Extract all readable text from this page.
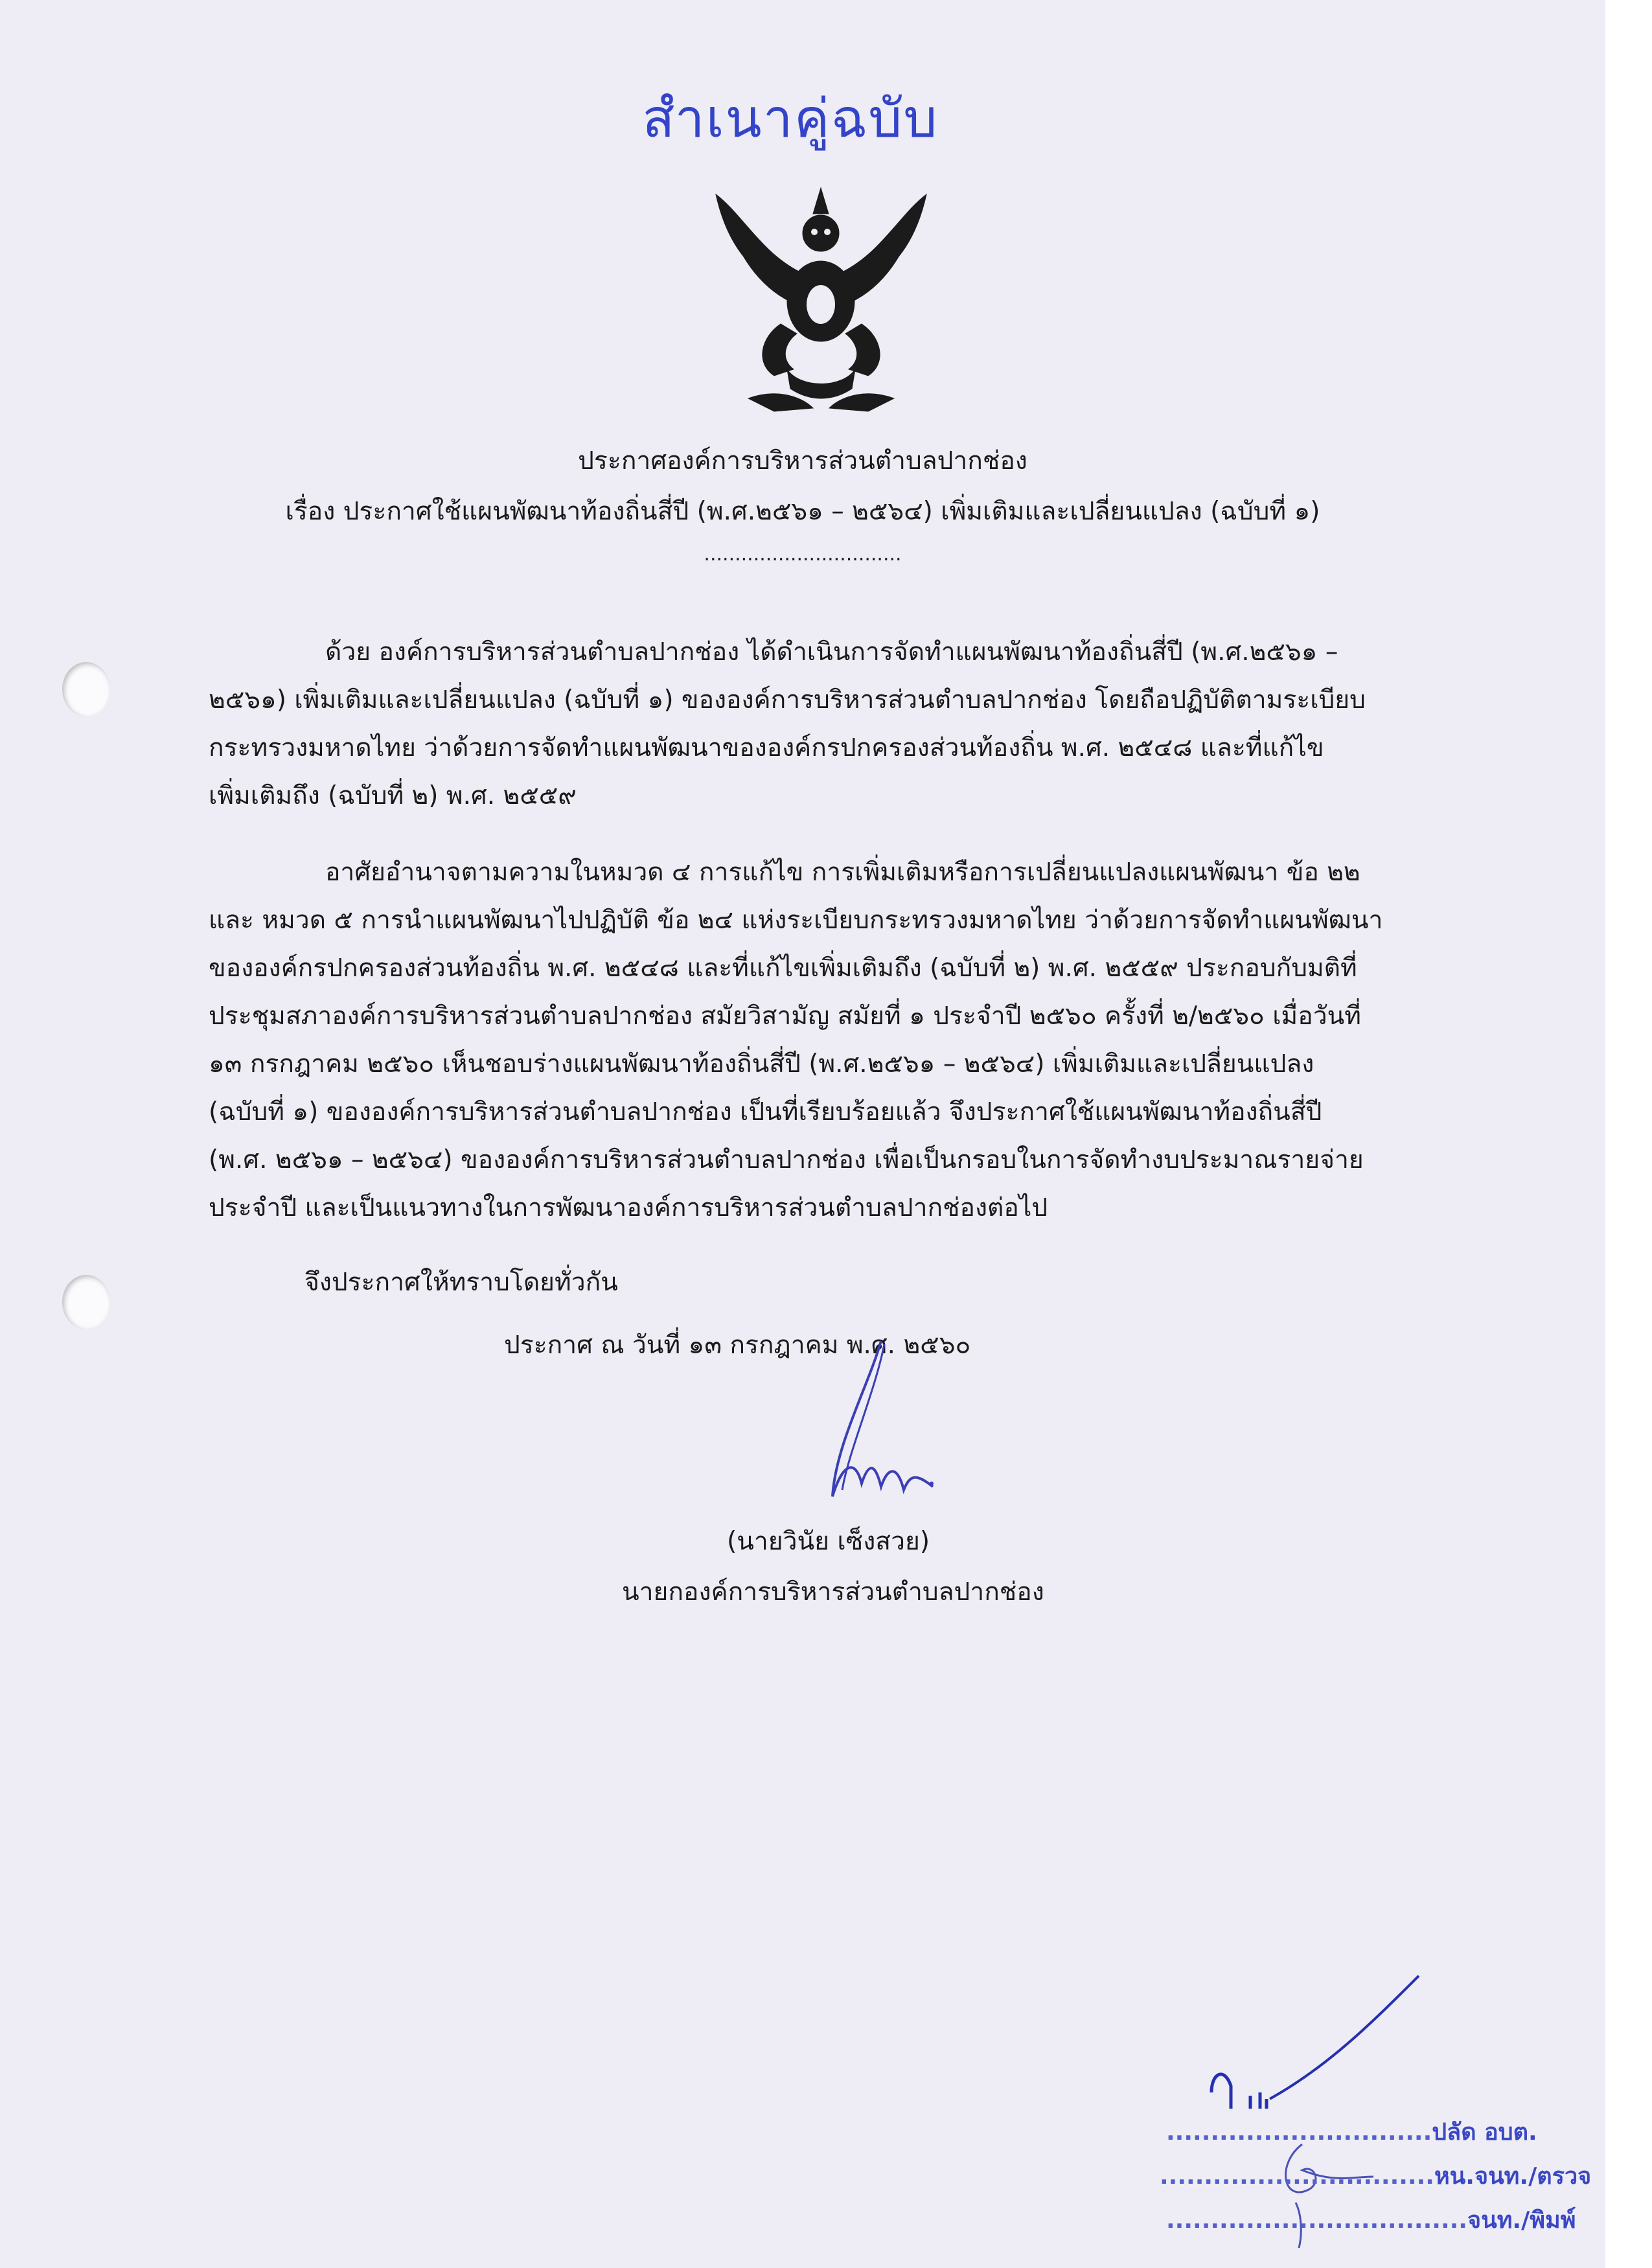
สำเนาคู่ฉบับ
ประกาศองค์การบริหารส่วนตำบลปากช่อง
เรื่อง ประกาศใช้แผนพัฒนาท้องถิ่นสี่ปี (พ.ศ.๒๕๖๑ – ๒๕๖๔) เพิ่มเติมและเปลี่ยนแปลง (ฉบับที่ ๑)
................................
ด้วย องค์การบริหารส่วนตำบลปากช่อง ได้ดำเนินการจัดทำแผนพัฒนาท้องถิ่นสี่ปี (พ.ศ.๒๕๖๑ –
๒๕๖๑) เพิ่มเติมและเปลี่ยนแปลง (ฉบับที่ ๑) ขององค์การบริหารส่วนตำบลปากช่อง โดยถือปฏิบัติตามระเบียบ
กระทรวงมหาดไทย ว่าด้วยการจัดทำแผนพัฒนาขององค์กรปกครองส่วนท้องถิ่น พ.ศ. ๒๕๔๘ และที่แก้ไข
เพิ่มเติมถึง (ฉบับที่ ๒) พ.ศ. ๒๕๕๙
อาศัยอำนาจตามความในหมวด ๔ การแก้ไข การเพิ่มเติมหรือการเปลี่ยนแปลงแผนพัฒนา ข้อ ๒๒
และ หมวด ๕ การนำแผนพัฒนาไปปฏิบัติ ข้อ ๒๔ แห่งระเบียบกระทรวงมหาดไทย ว่าด้วยการจัดทำแผนพัฒนา
ขององค์กรปกครองส่วนท้องถิ่น พ.ศ. ๒๕๔๘ และที่แก้ไขเพิ่มเติมถึง (ฉบับที่ ๒) พ.ศ. ๒๕๕๙ ประกอบกับมติที่
ประชุมสภาองค์การบริหารส่วนตำบลปากช่อง สมัยวิสามัญ สมัยที่ ๑ ประจำปี ๒๕๖๐ ครั้งที่ ๒/๒๕๖๐ เมื่อวันที่
๑๓ กรกฎาคม ๒๕๖๐ เห็นชอบร่างแผนพัฒนาท้องถิ่นสี่ปี (พ.ศ.๒๕๖๑ – ๒๕๖๔) เพิ่มเติมและเปลี่ยนแปลง
(ฉบับที่ ๑) ขององค์การบริหารส่วนตำบลปากช่อง เป็นที่เรียบร้อยแล้ว จึงประกาศใช้แผนพัฒนาท้องถิ่นสี่ปี
(พ.ศ. ๒๕๖๑ – ๒๕๖๔) ขององค์การบริหารส่วนตำบลปากช่อง เพื่อเป็นกรอบในการจัดทำงบประมาณรายจ่าย
ประจำปี และเป็นแนวทางในการพัฒนาองค์การบริหารส่วนตำบลปากช่องต่อไป
จึงประกาศให้ทราบโดยทั่วกัน
ประกาศ ณ วันที่ ๑๓ กรกฎาคม พ.ศ. ๒๕๖๐
(นายวินัย เซ็งสวย)
นายกองค์การบริหารส่วนตำบลปากช่อง
..............................ปลัด อบต.
...............................หน.จนท./ตรวจ
..................................จนท./พิมพ์
